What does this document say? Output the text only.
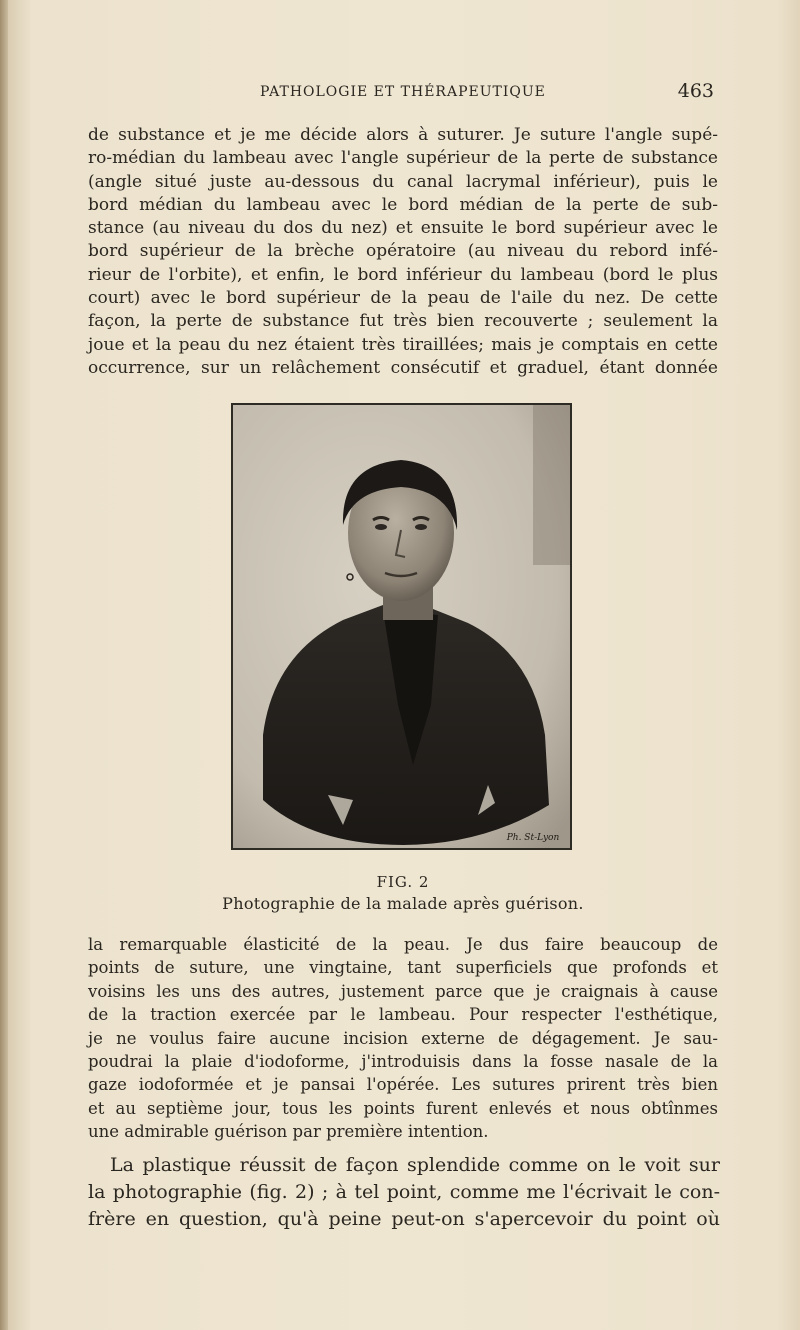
PATHOLOGIE ET THÉRAPEUTIQUE	463
de substance et je me décide alors à suturer. Je suture l'angle supé-
ro-médian du lambeau avec l'angle supérieur de la perte de substance
(angle situé juste au-dessous du canal lacrymal inférieur), puis le
bord médian du lambeau avec le bord médian de la perte de sub-
stance (au niveau du dos du nez) et ensuite le bord supérieur avec le
bord supérieur de la brèche opératoire (au niveau du rebord infé-
rieur de l'orbite), et enfin, le bord inférieur du lambeau (bord le plus
court) avec le bord supérieur de la peau de l'aile du nez. De cette
façon, la perte de substance fut très bien recouverte ; seulement la
joue et la peau du nez étaient très tiraillées; mais je comptais en cette
occurrence, sur un relâchement consécutif et graduel, étant donnée
Ph. St-Lyon
FIG. 2
Photographie de la malade après guérison.
la remarquable élasticité de la peau. Je dus faire beaucoup de
points de suture, une vingtaine, tant superficiels que profonds et
voisins les uns des autres, justement parce que je craignais à cause
de la traction exercée par le lambeau. Pour respecter l'esthétique,
je ne voulus faire aucune incision externe de dégagement. Je sau-
poudrai la plaie d'iodoforme, j'introduisis dans la fosse nasale de la
gaze iodoformée et je pansai l'opérée. Les sutures prirent très bien
et au septième jour, tous les points furent enlevés et nous obtînmes
une admirable guérison par première intention.
La plastique réussit de façon splendide comme on le voit sur
la photographie (fig. 2) ; à tel point, comme me l'écrivait le con-
frère en question, qu'à peine peut-on s'apercevoir du point où
